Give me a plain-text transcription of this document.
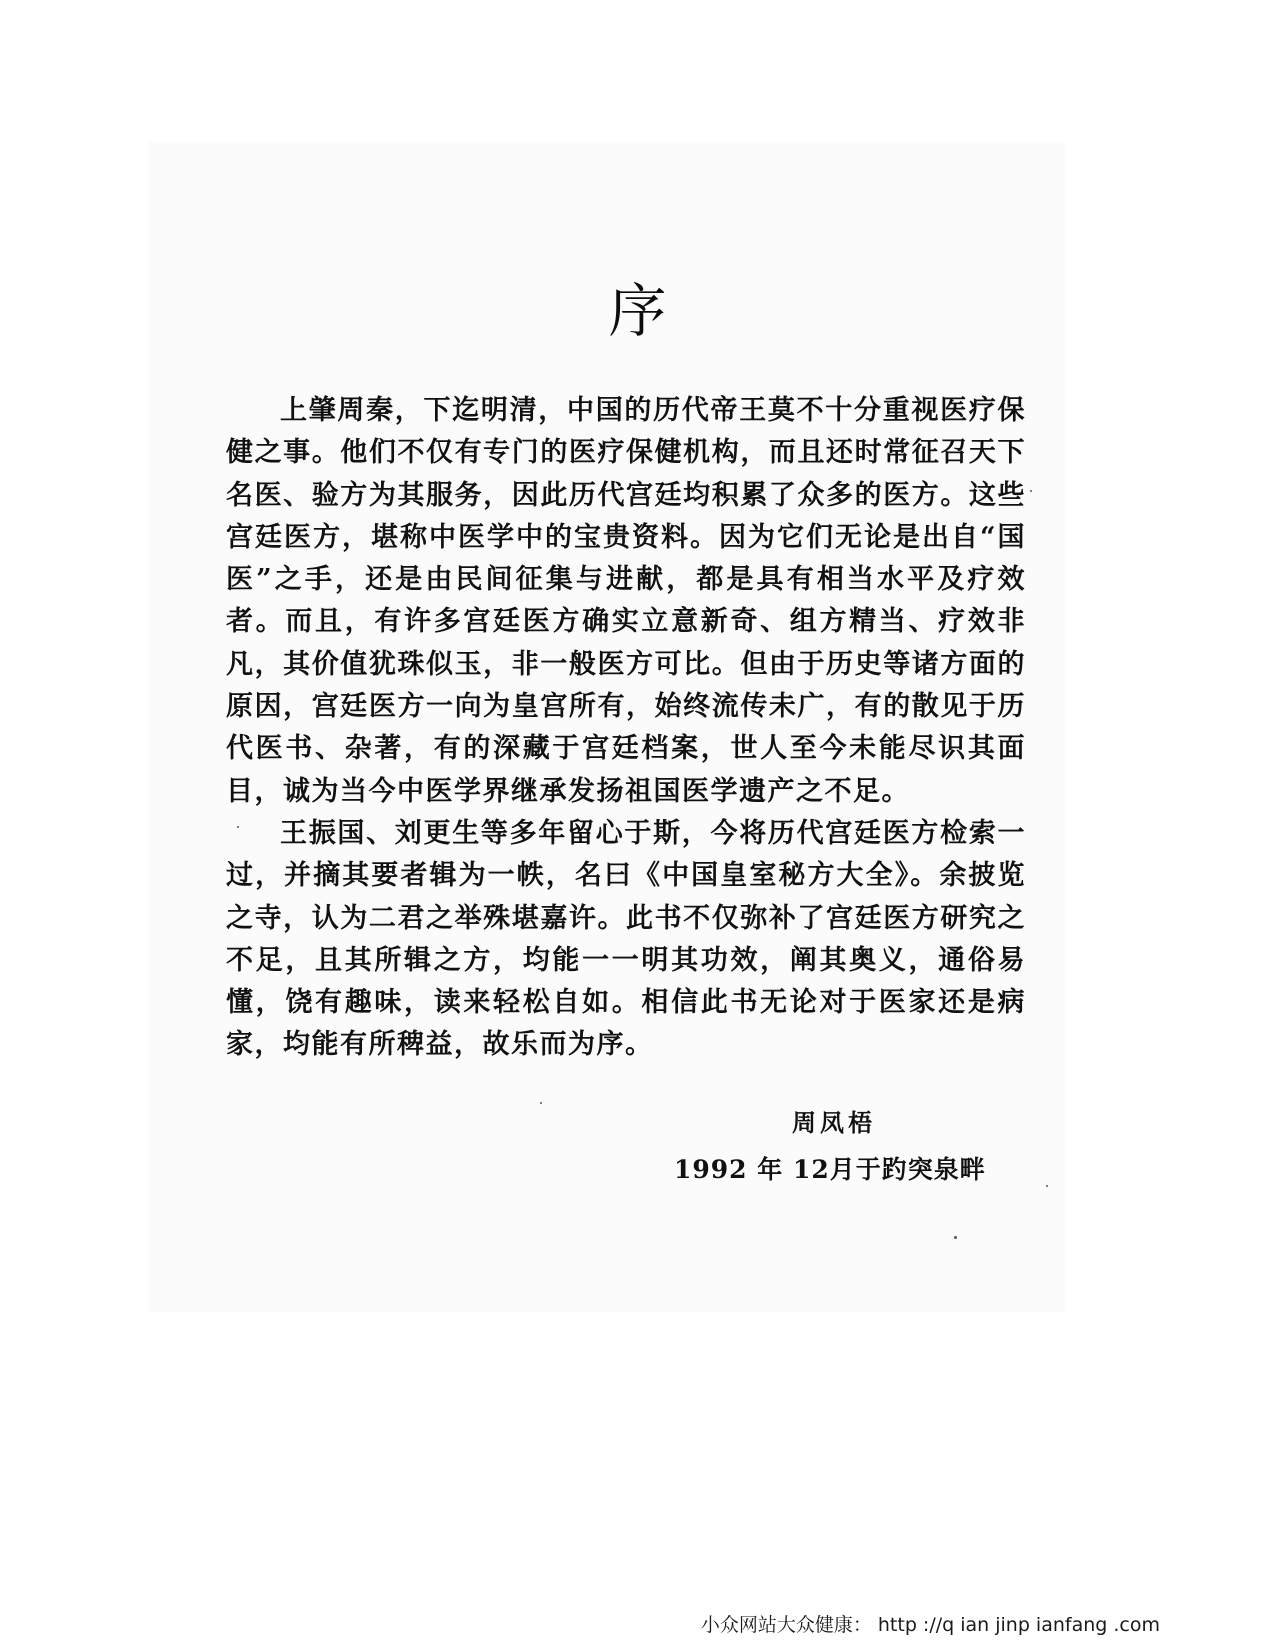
序

上肇周秦，下迄明清，中国的历代帝王莫不十分重视医疗保健之事。他们不仅有专门的医疗保健机构，而且还时常征召天下名医、验方为其服务，因此历代宫廷均积累了众多的医方。这些宫廷医方，堪称中医学中的宝贵资料。因为它们无论是出自“国医”之手，还是由民间征集与进献，都是具有相当水平及疗效者。而且，有许多宫廷医方确实立意新奇、组方精当、疗效非凡，其价值犹珠似玉，非一般医方可比。但由于历史等诸方面的原因，宫廷医方一向为皇宫所有，始终流传未广，有的散见于历代医书、杂著，有的深藏于宫廷档案，世人至今未能尽识其面目，诚为当今中医学界继承发扬祖国医学遗产之不足。

王振国、刘更生等多年留心于斯，今将历代宫廷医方检索一过，并摘其要者辑为一帙，名曰《中国皇室秘方大全》。余披览之寺，认为二君之举殊堪嘉许。此书不仅弥补了宫廷医方研究之不足，且其所辑之方，均能一一明其功效，阐其奥义，通俗易懂，饶有趣味，读来轻松自如。相信此书无论对于医家还是病家，均能有所稗益，故乐而为序。

周凤梧
1992 年 12月于趵突泉畔
小众网站大众健康： http ://q ian jinp ianfang .com
